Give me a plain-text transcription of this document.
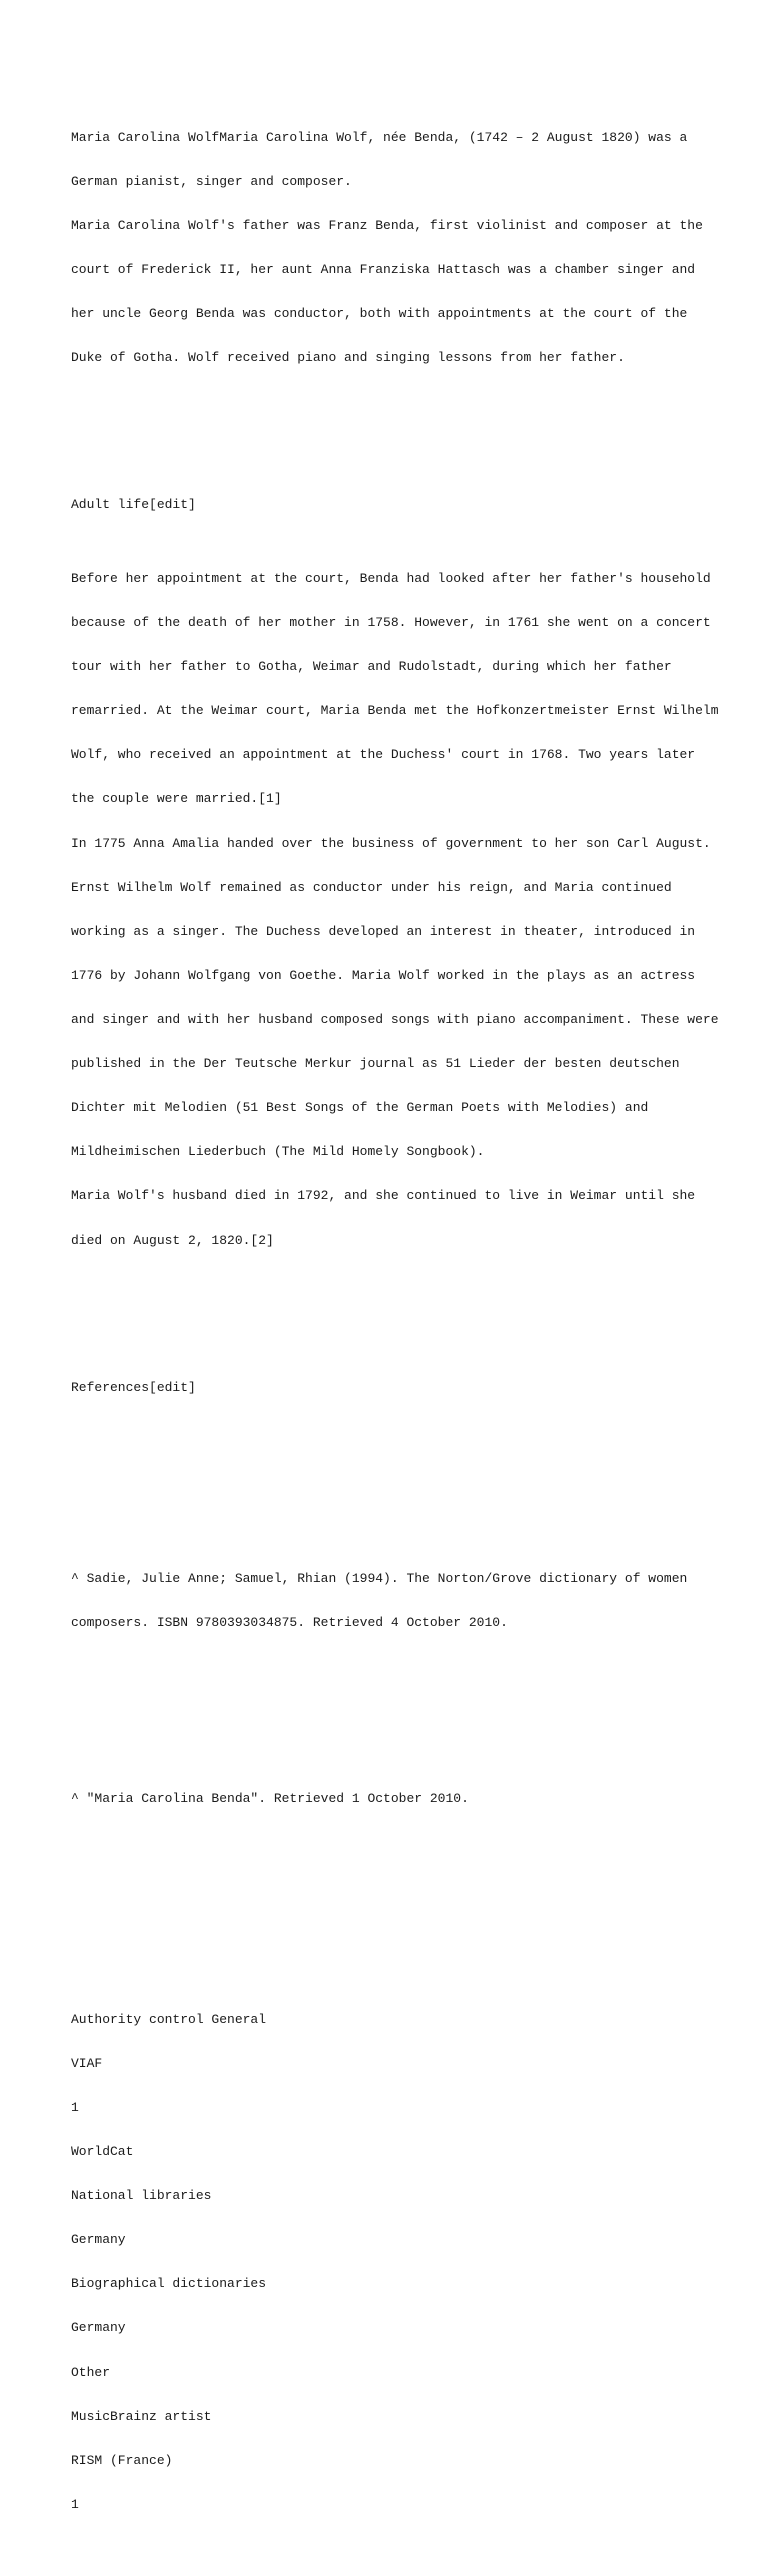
Maria Carolina WolfMaria Carolina Wolf, née Benda, (1742 – 2 August 1820) was a

German pianist, singer and composer.

Maria Carolina Wolf's father was Franz Benda, first violinist and composer at the

court of Frederick II, her aunt Anna Franziska Hattasch was a chamber singer and

her uncle Georg Benda was conductor, both with appointments at the court of the

Duke of Gotha. Wolf received piano and singing lessons from her father.

Adult life[edit]

Before her appointment at the court, Benda had looked after her father's household

because of the death of her mother in 1758. However, in 1761 she went on a concert

tour with her father to Gotha, Weimar and Rudolstadt, during which her father

remarried. At the Weimar court, Maria Benda met the Hofkonzertmeister Ernst Wilhelm

Wolf, who received an appointment at the Duchess' court in 1768. Two years later

the couple were married.[1]

In 1775 Anna Amalia handed over the business of government to her son Carl August.

Ernst Wilhelm Wolf remained as conductor under his reign, and Maria continued

working as a singer. The Duchess developed an interest in theater, introduced in

1776 by Johann Wolfgang von Goethe. Maria Wolf worked in the plays as an actress

and singer and with her husband composed songs with piano accompaniment. These were

published in the Der Teutsche Merkur journal as 51 Lieder der besten deutschen

Dichter mit Melodien (51 Best Songs of the German Poets with Melodies) and

Mildheimischen Liederbuch (The Mild Homely Songbook).

Maria Wolf's husband died in 1792, and she continued to live in Weimar until she

died on August 2, 1820.[2]

References[edit]

^ Sadie, Julie Anne; Samuel, Rhian (1994). The Norton/Grove dictionary of women

composers. ISBN 9780393034875. Retrieved 4 October 2010.

^ "Maria Carolina Benda". Retrieved 1 October 2010.

Authority control General

VIAF

1

WorldCat

National libraries

Germany

Biographical dictionaries

Germany

Other

MusicBrainz artist

RISM (France)

1
